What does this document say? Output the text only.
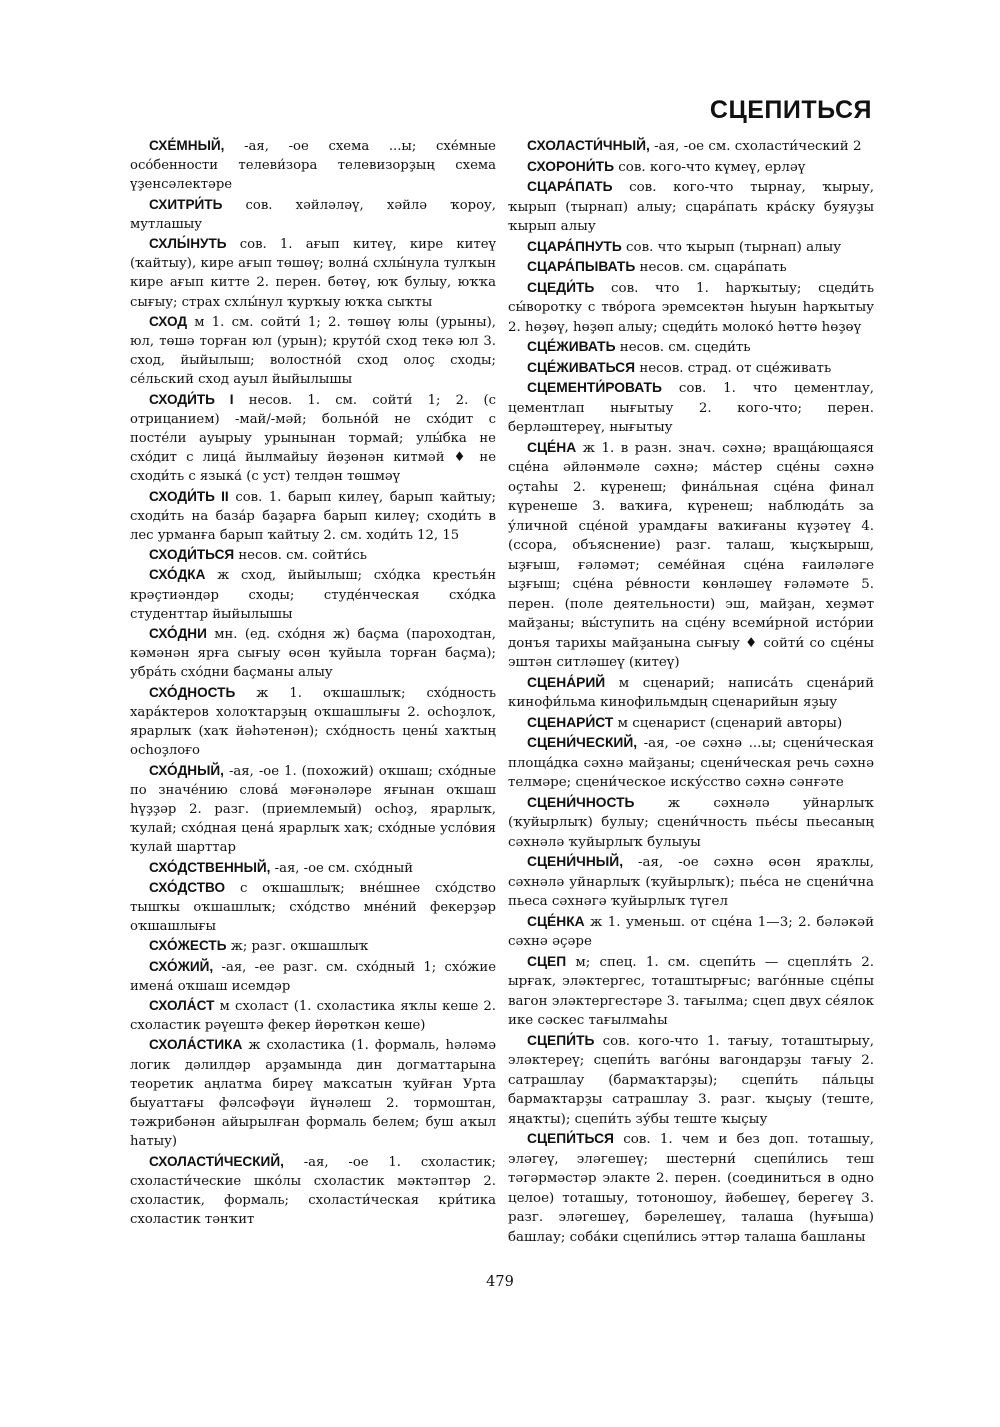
СЦЕПИТЬСЯ

СХЕ́МНЫЙ, -ая, -ое схема ...ы; схе́мные осо́бенности телеви́зора телевизорҙың схема үҙенсәлектәре

СХИТРИ́ТЬ сов. хәйләләү, хәйлә ҡороу, мутлашыу

СХЛЫ́НУТЬ сов. 1. ағып китеү, кире китеү (ҡайтыу), кире ағып төшөү; волна́ схлы́нула тулҡын кире ағып китте 2. перен. бөтөү, юҡ булыу, юҡҡа сығыу; страх схлы́нул ҡурҡыу юҡҡа сыҡты

СХОД м 1. см. сойти́ 1; 2. төшөү юлы (урыны), юл, төшә торған юл (урын); круто́й сход текә юл 3. сход, йыйылыш; волостно́й сход олоҫ сходы; се́льский сход ауыл йыйылышы

СХОДИ́ТЬ I несов. 1. см. сойти́ 1; 2. (с отрицанием) -май/-мәй; больно́й не схо́дит с посте́ли ауырыу урынынан тормай; улы́бка не схо́дит с лица́ йылмайыу йөҙөнән китмәй ♦ не сходи́ть с языка́ (с уст) телдән төшмәү

СХОДИ́ТЬ II сов. 1. барып килеү, барып ҡайтыу; сходи́ть на база́р баҙарға барып килеү; сходи́ть в лес урманға барып ҡайтыу 2. см. ходи́ть 12, 15

СХОДИ́ТЬСЯ несов. см. сойти́сь

СХО́ДКА ж сход, йыйылыш; схо́дка крестья́н крәҫтиәндәр сходы; студе́нческая схо́дка студенттар йыйылышы

СХО́ДНИ мн. (ед. схо́дня ж) баҫма (пароходтан, кәмәнән ярға сығыу өсөн ҡуйыла торған баҫма); убра́ть схо́дни баҫманы алыу

СХО́ДНОСТЬ ж 1. оҡшашлыҡ; схо́дность хара́ктеров холоҡтарҙың оҡшашлығы 2. осһоҙлоҡ, ярарлыҡ (хаҡ йәһәтенән); схо́дность цены́ хаҡтың осһоҙлоғо

СХО́ДНЫЙ, -ая, -ое 1. (похожий) оҡшаш; схо́дные по значе́нию слова́ мәғәнәләре яғынан оҡшаш һүҙҙәр 2. разг. (приемлемый) осһоҙ, ярарлыҡ, ҡулай; схо́дная цена́ ярарлыҡ хаҡ; схо́дные усло́вия ҡулай шарттар

СХО́ДСТВЕННЫЙ, -ая, -ое см. схо́дный

СХО́ДСТВО с оҡшашлыҡ; вне́шнее схо́дство тышҡы оҡшашлыҡ; схо́дство мне́ний фекерҙәр оҡшашлығы

СХО́ЖЕСТЬ ж; разг. оҡшашлыҡ

СХО́ЖИЙ, -ая, -ее разг. см. схо́дный 1; схо́жие имена́ оҡшаш исемдәр

СХОЛА́СТ м схоласт (1. схоластика яҡлы кеше 2. схоластик рәүештә фекер йөрөткән кеше)

СХОЛА́СТИКА ж схоластика (1. формаль, һәләмә логик дәлилдәр арҙамында дин догматтарына теоретик аңлатма биреү маҡсатын ҡуйған Урта быуаттағы фәлсәфәүи йүнәлеш 2. тормоштан, тәжрибәнән айырылған формаль белем; буш аҡыл һатыу)

СХОЛАСТИ́ЧЕСКИЙ, -ая, -ое 1. схоластик; схоласти́ческие шко́лы схоластик мәктәптәр 2. схоластик, формаль; схоласти́ческая кри́тика схоластик тәнҡит

СХОЛАСТИ́ЧНЫЙ, -ая, -ое см. схоласти́ческий 2

СХОРОНИ́ТЬ сов. кого-что күмеү, ерләү

СЦАРА́ПАТЬ сов. кого-что тырнау, ҡырыу, ҡырып (тырнап) алыу; сцара́пать кра́ску буяуҙы ҡырып алыу

СЦАРА́ПНУТЬ сов. что ҡырып (тырнап) алыу

СЦАРА́ПЫВАТЬ несов. см. сцара́пать

СЦЕДИ́ТЬ сов. что 1. һарҡытыу; сцеди́ть сы́воротку с тво́рога эремсектән һыуын һарҡытыу 2. һөҙөү, һөҙөп алыу; сцеди́ть молоко́ һөттө һөҙөү

СЦЕ́ЖИВАТЬ несов. см. сцеди́ть

СЦЕ́ЖИВАТЬСЯ несов. страд. от сце́живать

СЦЕМЕНТИ́РОВАТЬ сов. 1. что цементлау, цементлап нығытыу 2. кого-что; перен. берләштереү, нығытыу

СЦЕ́НА ж 1. в разн. знач. сәхнә; враща́ющаяся сце́на әйләнмәле сәхнә; ма́стер сце́ны сәхнә оҫтаһы 2. күренеш; фина́льная сце́на финал күренеше 3. ваҡиға, күренеш; наблюда́ть за у́личной сце́ной урамдағы ваҡиғаны күҙәтеү 4. (ссора, объяснение) разг. талаш, ҡыҫҡырыш, ыҙғыш, ғәләмәт; семе́йная сце́на ғаиләләге ыҙғыш; сце́на ре́вности көнләшеү ғәләмәте 5. перен. (поле деятельности) эш, майҙан, хеҙмәт майҙаны; вы́ступить на сце́ну всеми́рной исто́рии донъя тарихы майҙанына сығыу ♦ сойти́ со сце́ны эштән ситләшеү (китеү)

СЦЕНА́РИЙ м сценарий; написа́ть сцена́рий кинофи́льма кинофильмдың сценарийын яҙыу

СЦЕНАРИ́СТ м сценарист (сценарий авторы)

СЦЕНИ́ЧЕСКИЙ, -ая, -ое сәхнә ...ы; сцени́ческая площа́дка сәхнә майҙаны; сцени́ческая речь сәхнә телмәре; сцени́ческое иску́сство сәхнә сәнғәте

СЦЕНИ́ЧНОСТЬ ж сәхнәлә уйнарлыҡ (ҡуйырлыҡ) булыу; сцени́чность пье́сы пьесаның сәхнәлә ҡуйырлыҡ булыуы

СЦЕНИ́ЧНЫЙ, -ая, -ое сәхнә өсөн яраҡлы, сәхнәлә уйнарлыҡ (ҡуйырлыҡ); пье́са не сцени́чна пьеса сәхнәгә ҡуйырлыҡ түгел

СЦЕ́НКА ж 1. уменьш. от сце́на 1—3; 2. бәләкәй сәхнә әҫәре

СЦЕП м; спец. 1. см. сцепи́ть — сцепля́ть 2. ырғаҡ, эләктергес, тоташтырғыс; ваго́нные сце́пы вагон эләктергестәре 3. тағылма; сцеп двух се́ялок ике сәскес тағылмаһы

СЦЕПИ́ТЬ сов. кого-что 1. тағыу, тоташтырыу, эләктереү; сцепи́ть ваго́ны вагондарҙы тағыу 2. сатрашлау (бармаҡтарҙы); сцепи́ть па́льцы бармаҡтарҙы сатрашлау 3. разг. ҡыҫыу (теште, яңаҡты); сцепи́ть зу́бы теште ҡыҫыу

СЦЕПИ́ТЬСЯ сов. 1. чем и без доп. тоташыу, эләгеү, эләгешеү; шестерни́ сцепи́лись теш тәгәрмәстәр элакте 2. перен. (соединиться в одно целое) тоташыу, тотоношоу, йәбешеү, берегеү 3. разг. эләгешеү, бәрелешеү, талаша (һуғыша) башлау; соба́ки сцепи́лись эттәр талаша башланы

479
